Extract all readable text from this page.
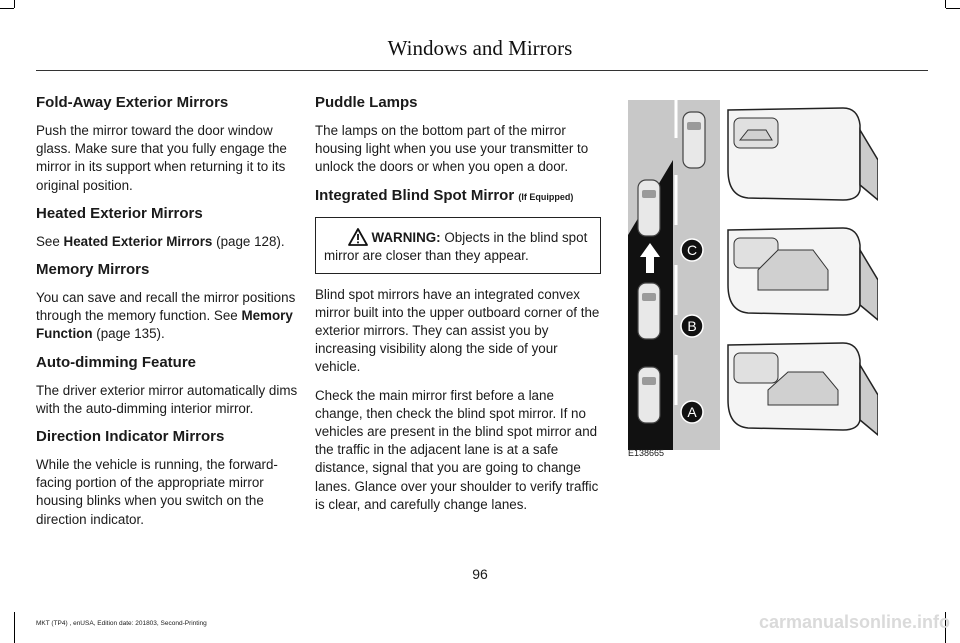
Windows and Mirrors
Fold-Away Exterior Mirrors

Push the mirror toward the door window glass. Make sure that you fully engage the mirror in its support when returning it to its original position.

Heated Exterior Mirrors

See Heated Exterior Mirrors (page 128).

Memory Mirrors

You can save and recall the mirror positions through the memory function. See Memory Function (page 135).

Auto-dimming Feature

The driver exterior mirror automatically dims with the auto-dimming interior mirror.

Direction Indicator Mirrors

While the vehicle is running, the forward-facing portion of the appropriate mirror housing blinks when you switch on the direction indicator.

Puddle Lamps

The lamps on the bottom part of the mirror housing light when you use your transmitter to unlock the doors or when you open a door.

Integrated Blind Spot Mirror (If Equipped)
WARNING: Objects in the blind spot mirror are closer than they appear.

Blind spot mirrors have an integrated convex mirror built into the upper outboard corner of the exterior mirrors. They can assist you by increasing visibility along the side of your vehicle.

Check the main mirror first before a lane change, then check the blind spot mirror. If no vehicles are present in the blind spot mirror and the traffic in the adjacent lane is at a safe distance, signal that you are going to change lanes. Glance over your shoulder to verify traffic is clear, and carefully change lanes.

C
B
A
E138665
96
MKT (TP4) , enUSA, Edition date: 201803, Second-Printing	carmanualsonline.info
